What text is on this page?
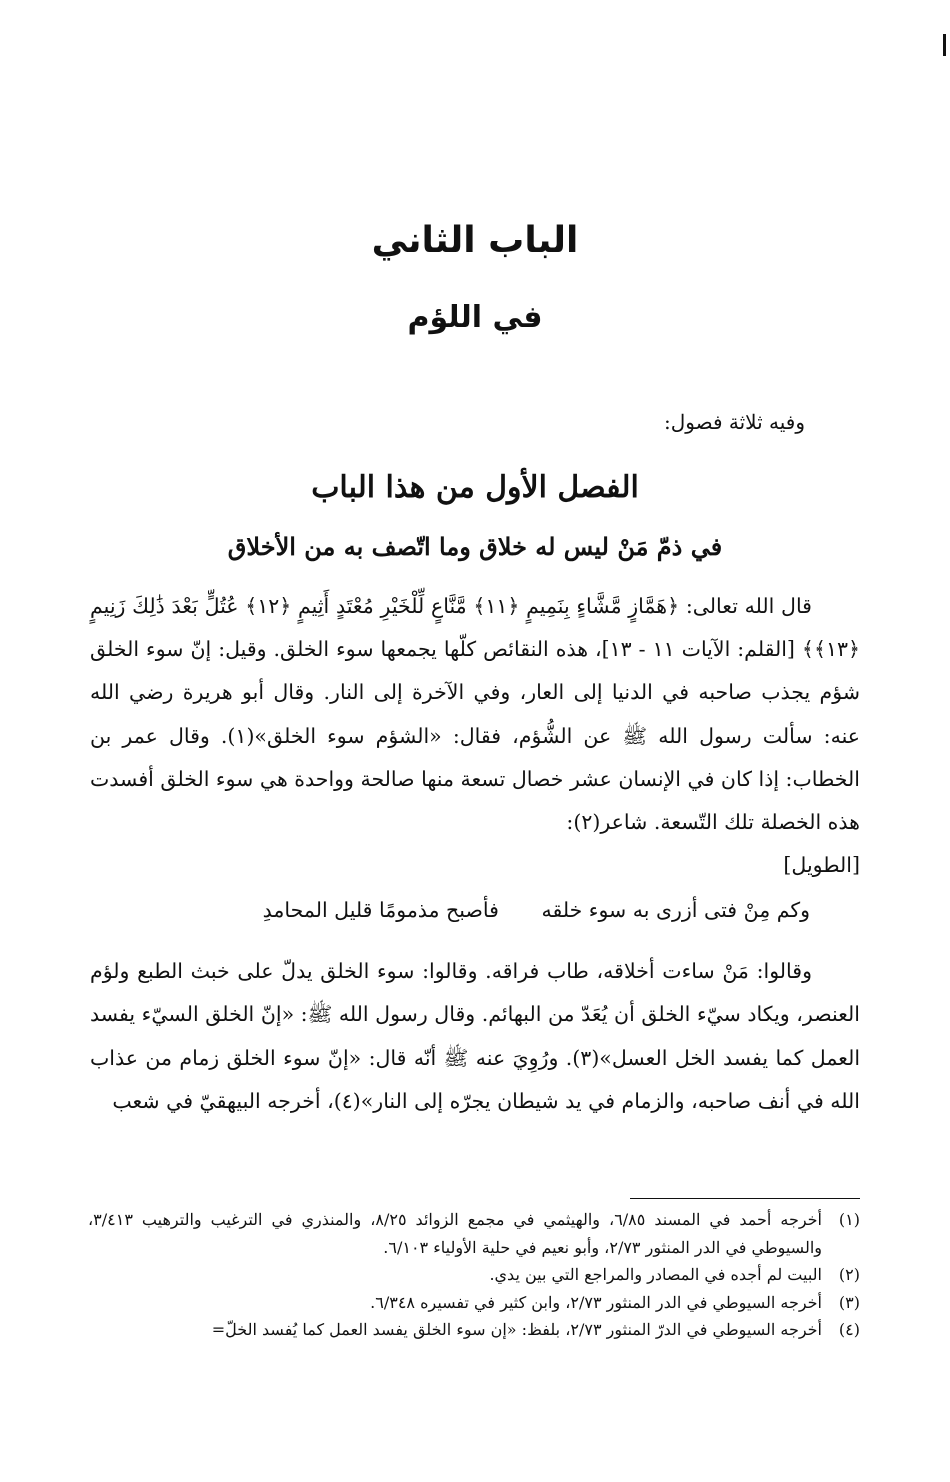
الباب الثاني
في اللؤم
وفيه ثلاثة فصول:
الفصل الأول من هذا الباب
في ذمّ مَنْ ليس له خلاق وما اتّصف به من الأخلاق

قال الله تعالى: ﴿هَمَّازٍ مَّشَّاءٍ بِنَمِيمٍ ﴿١١﴾ مَّنَّاعٍ لِّلْخَيْرِ مُعْتَدٍ أَثِيمٍ ﴿١٢﴾ عُتُلٍّ بَعْدَ ذَٰلِكَ زَنِيمٍ ﴿١٣﴾﴾ [القلم: الآيات ١١ - ١٣]، هذه النقائص كلّها يجمعها سوء الخلق. وقيل: إنّ سوء الخلق شؤم يجذب صاحبه في الدنيا إلى العار، وفي الآخرة إلى النار. وقال أبو هريرة رضي الله عنه: سألت رسول الله ﷺ عن الشُّؤم، فقال: «الشؤم سوء الخلق»(١). وقال عمر بن الخطاب: إذا كان في الإنسان عشر خصال تسعة منها صالحة وواحدة هي سوء الخلق أفسدت هذه الخصلة تلك التّسعة. شاعر(٢):

[الطويل]

وكم مِنْ فتى أزرى به سوء خلقه فأصبح مذمومًا قليل المحامدِ

وقالوا: مَنْ ساءت أخلاقه، طاب فراقه. وقالوا: سوء الخلق يدلّ على خبث الطبع ولؤم العنصر، ويكاد سيّء الخلق أن يُعَدّ من البهائم. وقال رسول الله ﷺ: «إنّ الخلق السيّء يفسد العمل كما يفسد الخل العسل»(٣). ورُوِيَ عنه ﷺ أنّه قال: «إنّ سوء الخلق زمام من عذاب الله في أنف صاحبه، والزمام في يد شيطان يجرّه إلى النار»(٤)، أخرجه البيهقيّ في شعب

(١)
أخرجه أحمد في المسند ٦/٨٥، والهيثمي في مجمع الزوائد ٨/٢٥، والمنذري في الترغيب والترهيب ٣/٤١٣، والسيوطي في الدر المنثور ٢/٧٣، وأبو نعيم في حلية الأولياء ٦/١٠٣.
(٢)
البيت لم أجده في المصادر والمراجع التي بين يدي.
(٣)
أخرجه السيوطي في الدر المنثور ٢/٧٣، وابن كثير في تفسيره ٦/٣٤٨.
(٤)
أخرجه السيوطي في الدرّ المنثور ٢/٧٣، بلفظ: «إن سوء الخلق يفسد العمل كما يُفسد الخلّ=
